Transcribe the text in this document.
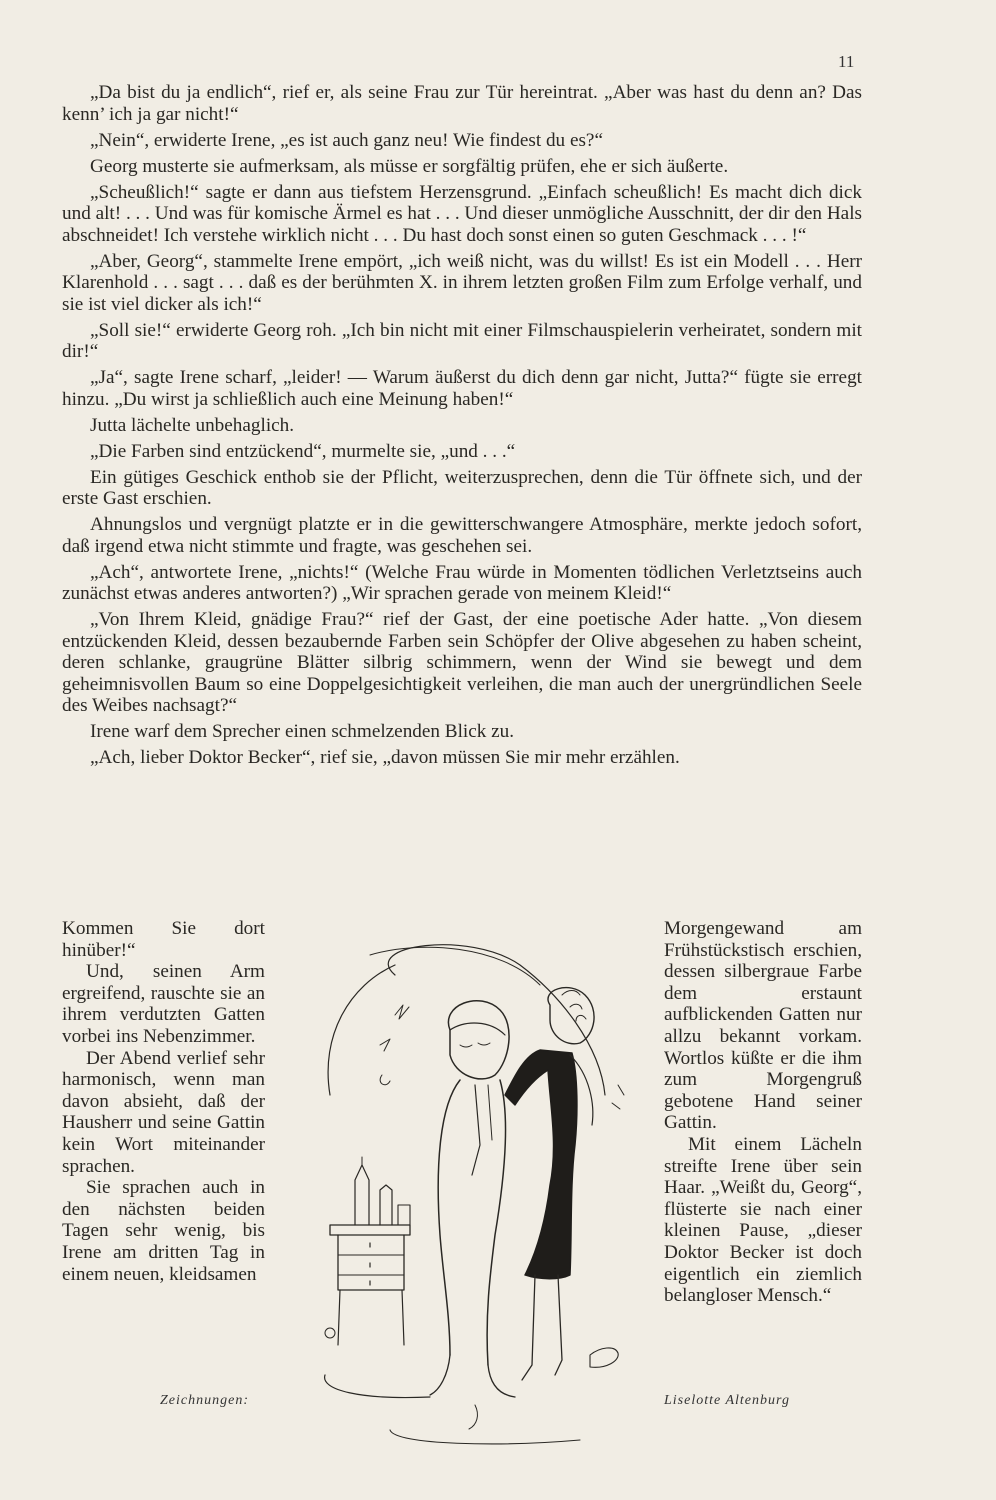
11

„Da bist du ja endlich“, rief er, als seine Frau zur Tür hereintrat. „Aber was hast du denn an? Das kenn’ ich ja gar nicht!“

„Nein“, erwiderte Irene, „es ist auch ganz neu! Wie findest du es?“

Georg musterte sie aufmerksam, als müsse er sorgfältig prüfen, ehe er sich äußerte.

„Scheußlich!“ sagte er dann aus tiefstem Herzensgrund. „Einfach scheußlich! Es macht dich dick und alt! . . . Und was für komische Ärmel es hat . . . Und dieser unmögliche Ausschnitt, der dir den Hals abschneidet! Ich verstehe wirklich nicht . . . Du hast doch sonst einen so guten Geschmack . . . !“

„Aber, Georg“, stammelte Irene empört, „ich weiß nicht, was du willst! Es ist ein Modell . . . Herr Klarenhold . . . sagt . . . daß es der berühmten X. in ihrem letzten großen Film zum Erfolge verhalf, und sie ist viel dicker als ich!“

„Soll sie!“ erwiderte Georg roh. „Ich bin nicht mit einer Filmschauspielerin verheiratet, sondern mit dir!“

„Ja“, sagte Irene scharf, „leider! — Warum äußerst du dich denn gar nicht, Jutta?“ fügte sie erregt hinzu. „Du wirst ja schließlich auch eine Meinung haben!“

Jutta lächelte unbehaglich.

„Die Farben sind entzückend“, murmelte sie, „und . . .“

Ein gütiges Geschick enthob sie der Pflicht, weiterzusprechen, denn die Tür öffnete sich, und der erste Gast erschien.

Ahnungslos und vergnügt platzte er in die gewitterschwangere Atmosphäre, merkte jedoch sofort, daß irgend etwa nicht stimmte und fragte, was geschehen sei.

„Ach“, antwortete Irene, „nichts!“ (Welche Frau würde in Momenten tödlichen Verletztseins auch zunächst etwas anderes antworten?) „Wir sprachen gerade von meinem Kleid!“

„Von Ihrem Kleid, gnädige Frau?“ rief der Gast, der eine poetische Ader hatte. „Von diesem entzückenden Kleid, dessen bezaubernde Farben sein Schöpfer der Olive abgesehen zu haben scheint, deren schlanke, graugrüne Blätter silbrig schimmern, wenn der Wind sie bewegt und dem geheimnisvollen Baum so eine Doppelgesichtigkeit verleihen, die man auch der unergründlichen Seele des Weibes nachsagt?“

Irene warf dem Sprecher einen schmelzenden Blick zu.

„Ach, lieber Doktor Becker“, rief sie, „davon müssen Sie mir mehr erzählen.

Kommen Sie dort hinüber!“

Und, seinen Arm ergreifend, rauschte sie an ihrem verdutzten Gatten vorbei ins Nebenzimmer.

Der Abend verlief sehr harmonisch, wenn man davon absieht, daß der Hausherr und seine Gattin kein Wort miteinander sprachen.

Sie sprachen auch in den nächsten beiden Tagen sehr wenig, bis Irene am dritten Tag in einem neuen, kleidsamen

Morgengewand am Frühstückstisch erschien, dessen silbergraue Farbe dem erstaunt aufblickenden Gatten nur allzu bekannt vorkam. Wortlos küßte er die ihm zum Morgengruß gebotene Hand seiner Gattin.

Mit einem Lächeln streifte Irene über sein Haar. „Weißt du, Georg“, flüsterte sie nach einer kleinen Pause, „dieser Doktor Becker ist doch eigentlich ein ziemlich belangloser Mensch.“

Zeichnungen:	Liselotte Altenburg
